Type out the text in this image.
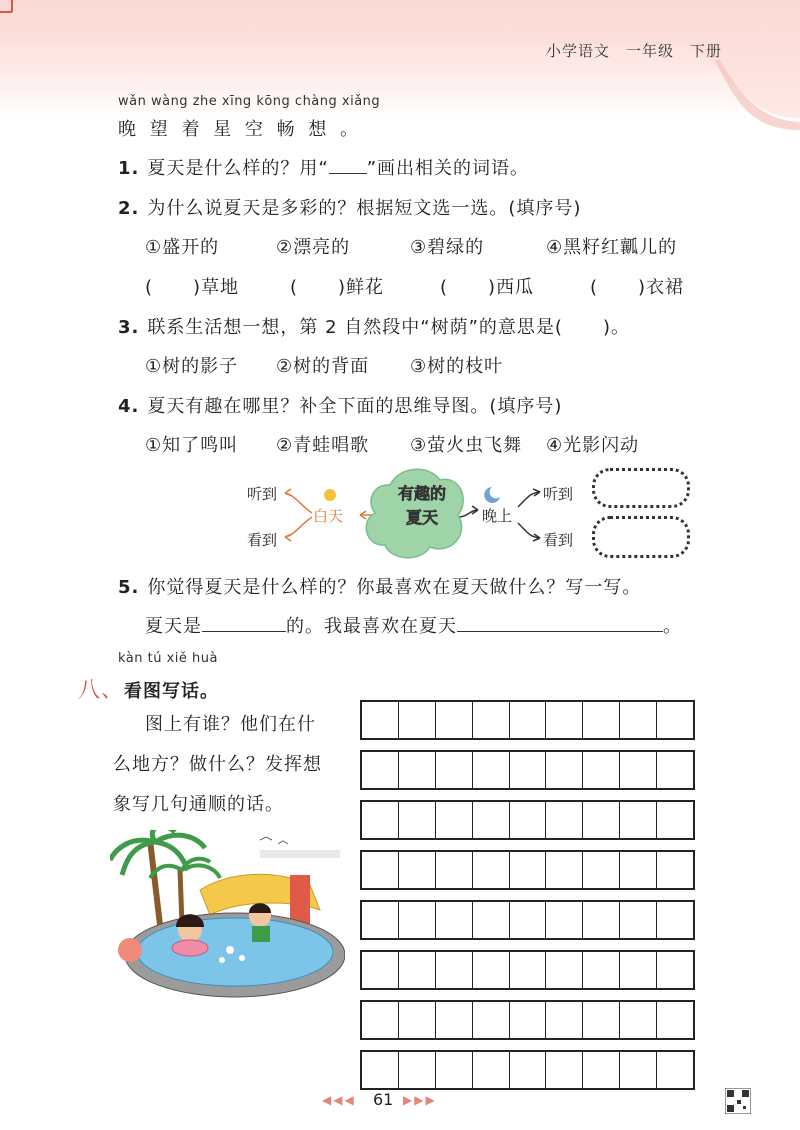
小学语文　一年级　下册
wǎn wàng zhe xīng kōng chàng xiǎng
晚 望 着 星 空 畅 想 。
1. 夏天是什么样的？用“ ”画出相关的词语。
2. 为什么说夏天是多彩的？根据短文选一选。(填序号)
①盛开的	②漂亮的	③碧绿的	④黑籽红瓤儿的
( )草地	( )鲜花	( )西瓜	( )衣裙
3. 联系生活想一想，第 2 自然段中“树荫”的意思是( )。
①树的影子 ②树的背面 ③树的枝叶
4. 夏天有趣在哪里？补全下面的思维导图。(填序号)
①知了鸣叫 ②青蛙唱歌 ③萤火虫飞舞 ④光影闪动
听到
看到
白天
有趣的
夏天	晚上
听到
看到
5. 你觉得夏天是什么样的？你最喜欢在夏天做什么？写一写。
夏天是	的。我最喜欢在夏天	。
kàn tú xiě huà
八、看图写话。
图上有谁？他们在什
么地方？做什么？发挥想
象写几句通顺的话。
◀◀◀ 61 ▶▶▶
